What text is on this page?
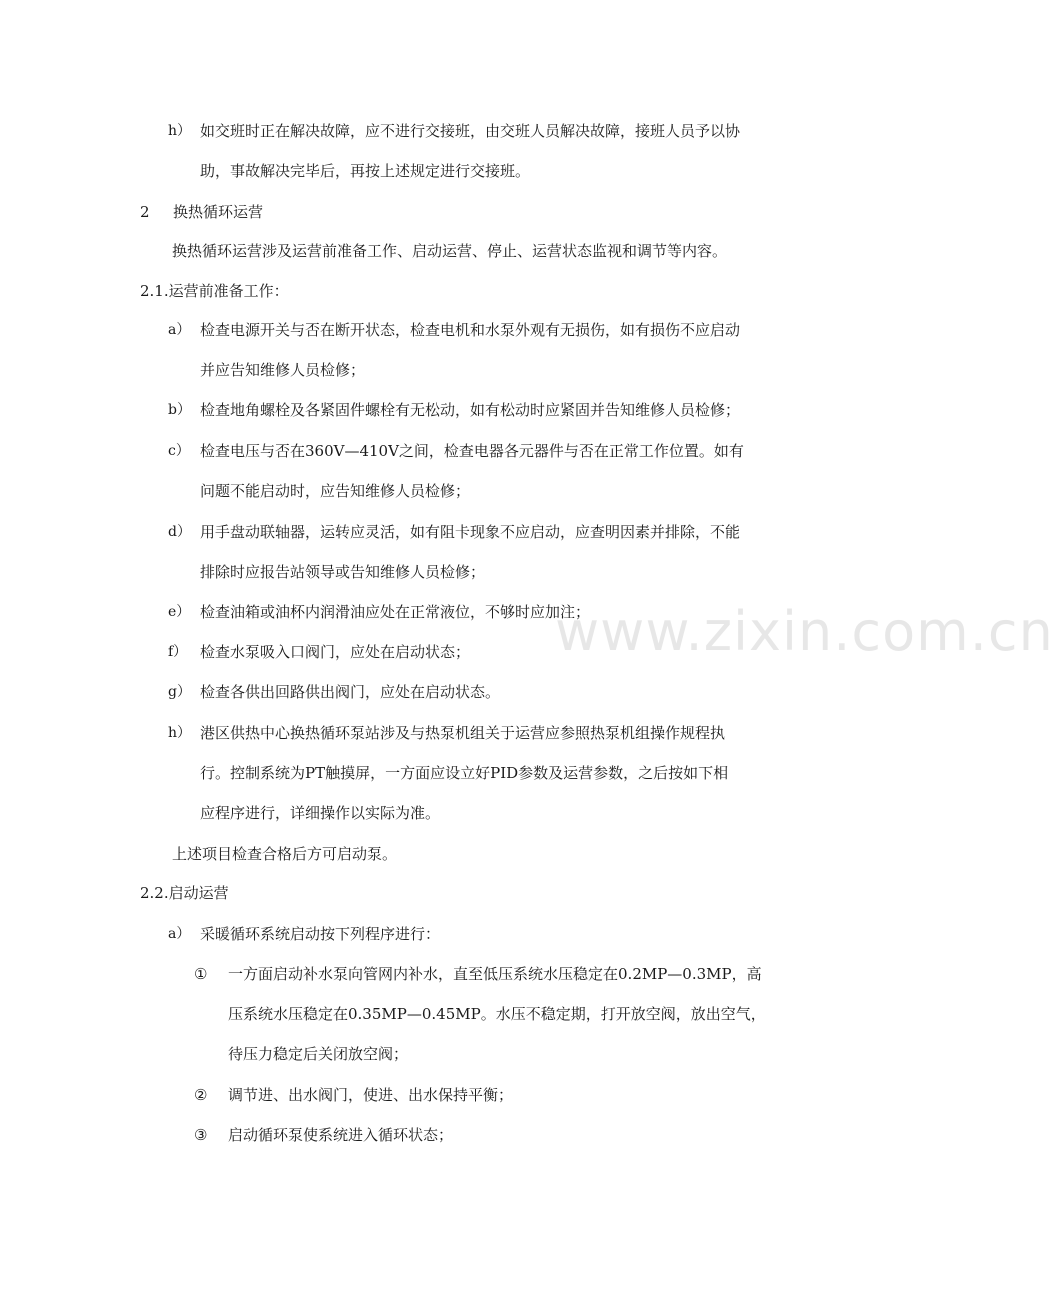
www.zixin.com.cn
h） 如交班时正在解决故障，应不进行交接班，由交班人员解决故障，接班人员予以协
助，事故解决完毕后，再按上述规定进行交接班。
2 换热循环运营
换热循环运营涉及运营前准备工作、启动运营、停止、运营状态监视和调节等内容。
2.1.运营前准备工作：
a） 检查电源开关与否在断开状态，检查电机和水泵外观有无损伤，如有损伤不应启动
并应告知维修人员检修；
b） 检查地角螺栓及各紧固件螺栓有无松动，如有松动时应紧固并告知维修人员检修；
c） 检查电压与否在360V—410V之间，检查电器各元器件与否在正常工作位置。如有
问题不能启动时，应告知维修人员检修；
d） 用手盘动联轴器，运转应灵活，如有阻卡现象不应启动，应查明因素并排除，不能
排除时应报告站领导或告知维修人员检修；
e） 检查油箱或油杯内润滑油应处在正常液位，不够时应加注；
f） 检查水泵吸入口阀门，应处在启动状态；
g） 检查各供出回路供出阀门，应处在启动状态。
h） 港区供热中心换热循环泵站涉及与热泵机组关于运营应参照热泵机组操作规程执
行。控制系统为PT触摸屏，一方面应设立好PID参数及运营参数，之后按如下相
应程序进行，详细操作以实际为准。
上述项目检查合格后方可启动泵。
2.2.启动运营
a） 采暖循环系统启动按下列程序进行：
① 一方面启动补水泵向管网内补水，直至低压系统水压稳定在0.2MP—0.3MP，高
压系统水压稳定在0.35MP—0.45MP。水压不稳定期，打开放空阀，放出空气，
待压力稳定后关闭放空阀；
② 调节进、出水阀门，使进、出水保持平衡；
③ 启动循环泵使系统进入循环状态；
